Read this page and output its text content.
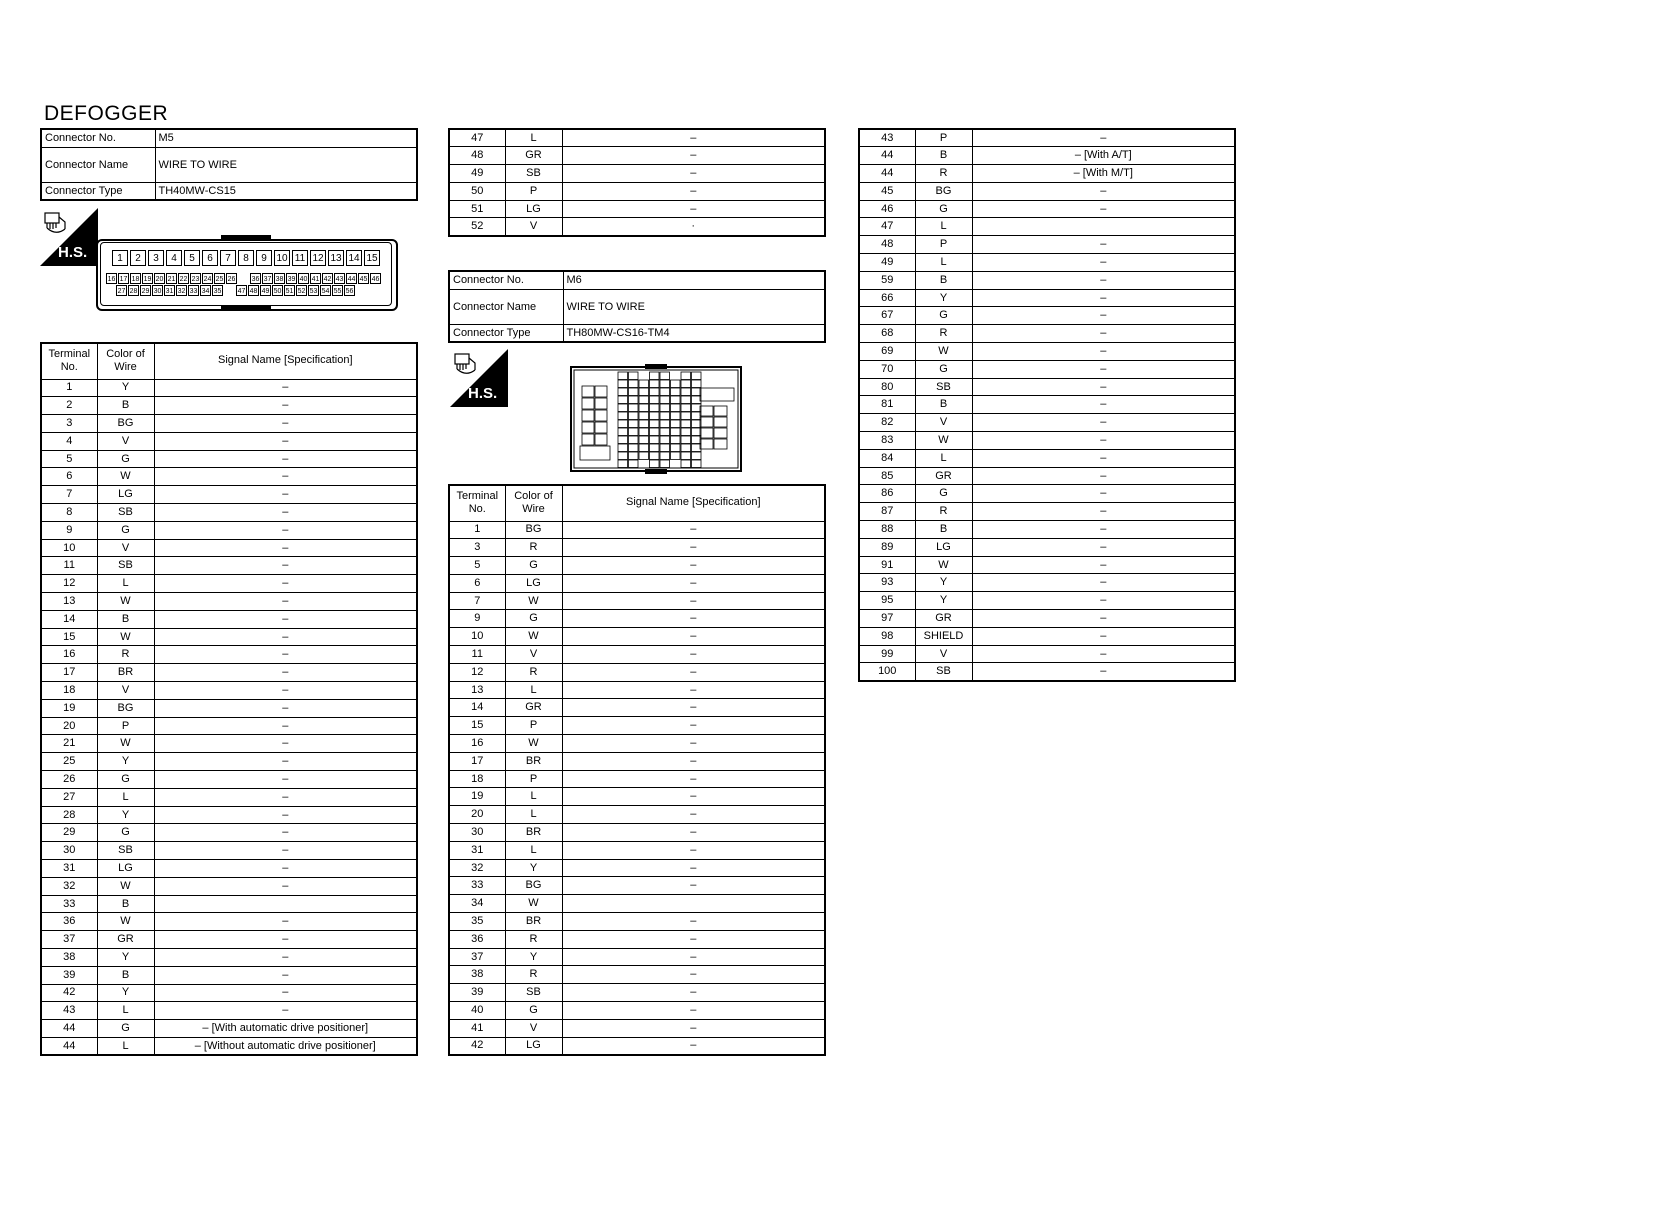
DEFOGGER
Connector No.	M5
Connector Name	WIRE TO WIRE
Connector Type	TH40MW-CS15
H.S.	1	2	3	4	5	6	7	8	9 10 11 12 13 14 15
16 17 18 19 20 21 22 23 24 25 26 36 37 38 39 40 41 42 43 44 45 46
27 28 29 30 31 32 33 34 35 47 48 49 50 51 52 53 54 55 56
Terminal No.	Color of Wire	Signal Name [Specification]
1	Y	–
2	B	–
3	BG	–
4	V	–
5	G	–
6	W	–
7	LG	–
8	SB	–
9	G	–
10	V	–
11	SB	–
12	L	–
13	W	–
14	B	–
15	W	–
16	R	–
17	BR	–
18	V	–
19	BG	–
20	P	–
21	W	–
25	Y	–
26	G	–
27	L	–
28	Y	–
29	G	–
30	SB	–
31	LG	–
32	W	–
33	B	
36	W	–
37	GR	–
38	Y	–
39	B	–
42	Y	–
43	L	–
44	G	– [With automatic drive positioner]
44	L	– [Without automatic drive positioner]
47	L	–
48	GR	–
49	SB	–
50	P	–
51	LG	–
52	V	·
Connector No.	M6
Connector Name	WIRE TO WIRE
Connector Type	TH80MW-CS16-TM4
H.S.
Terminal No.	Color of Wire	Signal Name [Specification]
1	BG	–
3	R	–
5	G	–
6	LG	–
7	W	–
9	G	–
10	W	–
11	V	–
12	R	–
13	L	–
14	GR	–
15	P	–
16	W	–
17	BR	–
18	P	–
19	L	–
20	L	–
30	BR	–
31	L	–
32	Y	–
33	BG	–
34	W	
35	BR	–
36	R	–
37	Y	–
38	R	–
39	SB	–
40	G	–
41	V	–
42	LG	–
43	P	–
44	B	– [With A/T]
44	R	– [With M/T]
45	BG	–
46	G	–
47	L	
48	P	–
49	L	–
59	B	–
66	Y	–
67	G	–
68	R	–
69	W	–
70	G	–
80	SB	–
81	B	–
82	V	–
83	W	–
84	L	–
85	GR	–
86	G	–
87	R	–
88	B	–
89	LG	–
91	W	–
93	Y	–
95	Y	–
97	GR	–
98	SHIELD	–
99	V	–
100	SB	–
